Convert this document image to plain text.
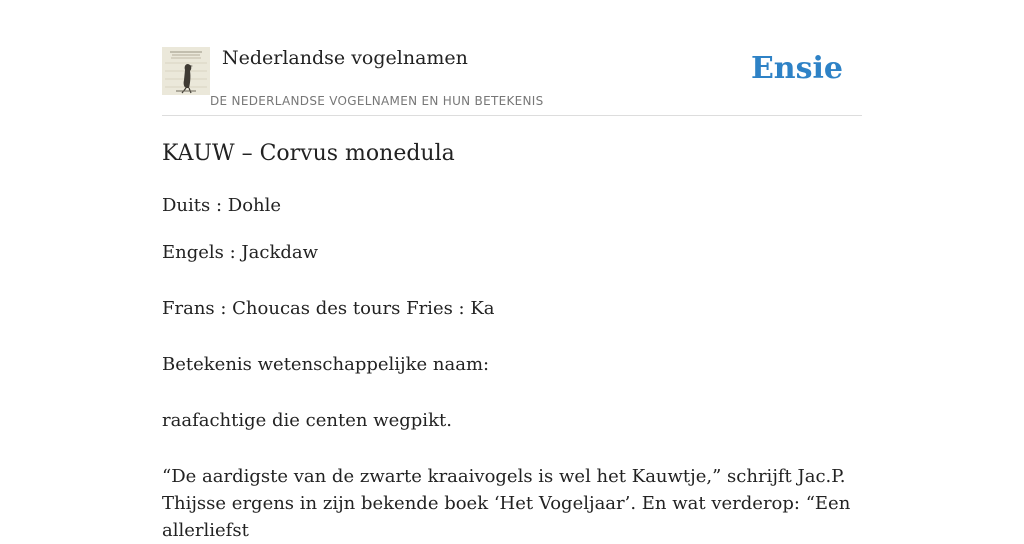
Nederlandse vogelnamen
DE NEDERLANDSE VOGELNAMEN EN HUN BETEKENIS
Ensie
KAUW – Corvus monedula
Duits : Dohle
Engels : Jackdaw
Frans : Choucas des tours Fries : Ka
Betekenis wetenschappelijke naam:
raafachtige die centen wegpikt.
“De aardigste van de zwarte kraaivogels is wel het Kauwtje,” schrijft Jac.P. Thijsse ergens in zijn bekende boek ‘Het Vogeljaar’. En wat verderop: “Een allerliefst
